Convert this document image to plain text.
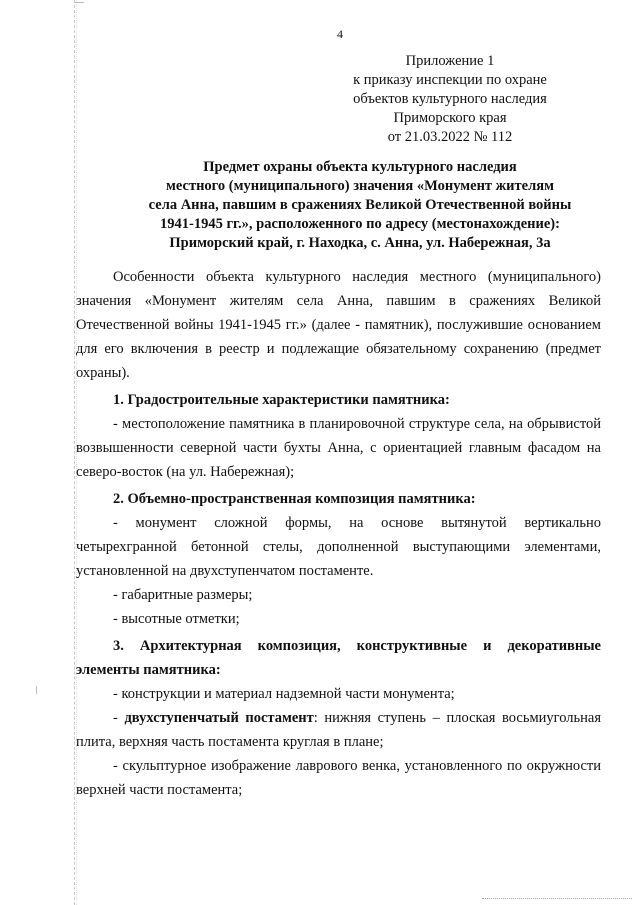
4
Приложение 1
к приказу инспекции по охране
объектов культурного наследия
Приморского края
от 21.03.2022 № 112
Предмет охраны объекта культурного наследия
местного (муниципального) значения «Монумент жителям
села Анна, павшим в сражениях Великой Отечественной войны
1941-1945 гг.», расположенного по адресу (местонахождение):
Приморский край, г. Находка, с. Анна, ул. Набережная, 3а

Особенности объекта культурного наследия местного (муниципального) значения «Монумент жителям села Анна, павшим в сражениях Великой Отечественной войны 1941-1945 гг.» (далее - памятник), послужившие основанием для его включения в реестр и подлежащие обязательному сохранению (предмет охраны).

1. Градостроительные характеристики памятника:

- местоположение памятника в планировочной структуре села, на обрывистой возвышенности северной части бухты Анна, с ориентацией главным фасадом на северо-восток (на ул. Набережная);

2. Объемно-пространственная композиция памятника:

- монумент сложной формы, на основе вытянутой вертикально четырехгранной бетонной стелы, дополненной выступающими элементами, установленной на двухступенчатом постаменте.

- габаритные размеры;

- высотные отметки;

3. Архитектурная композиция, конструктивные и декоративные элементы памятника:

- конструкции и материал надземной части монумента;

- двухступенчатый постамент: нижняя ступень – плоская восьмиугольная плита, верхняя часть постамента круглая в плане;

- скульптурное изображение лаврового венка, установленного по окружности верхней части постамента;
